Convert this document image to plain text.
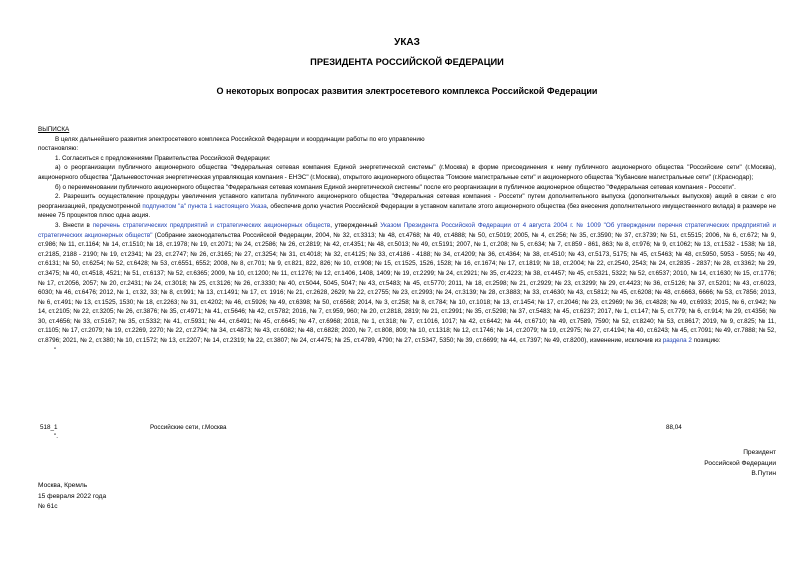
УКАЗ
ПРЕЗИДЕНТА РОССИЙСКОЙ ФЕДЕРАЦИИ
О некоторых вопросах развития электросетевого комплекса Российской Федерации

ВЫПИСКА

В целях дальнейшего развития электросетевого комплекса Российской Федерации и координации работы по его управлению

постановляю:

1. Согласиться с предложениями Правительства Российской Федерации:

а) о реорганизации публичного акционерного общества "Федеральная сетевая компания Единой энергетической системы" (г.Москва) в форме присоединения к нему публичного акционерного общества "Российские сети" (г.Москва), акционерного общества "Дальневосточная энергетическая управляющая компания - ЕНЭС" (г.Москва), открытого акционерного общества "Томские магистральные сети" и акционерного общества "Кубанские магистральные сети" (г.Краснодар);

б) о переименовании публичного акционерного общества "Федеральная сетевая компания Единой энергетической системы" после его реорганизации в публичное акционерное общество "Федеральная сетевая компания - Россети".

2. Разрешить осуществление процедуры увеличения уставного капитала публичного акционерного общества "Федеральная сетевая компания - Россети" путем дополнительного выпуска (дополнительных выпусков) акций в связи с его реорганизацией, предусмотренной подпунктом "а" пункта 1 настоящего Указа, обеспечив долю участия Российской Федерации в уставном капитале этого акционерного общества (без внесения дополнительного имущественного вклада) в размере не менее 75 процентов плюс одна акция.

3. Внести в перечень стратегических предприятий и стратегических акционерных обществ, утвержденный Указом Президента Российской Федерации от 4 августа 2004 г. № 1009 "Об утверждении перечня стратегических предприятий и стратегических акционерных обществ" (Собрание законодательства Российской Федерации, 2004, № 32, ст.3313; № 48, ст.4768; № 49, ст.4888; № 50, ст.5019; 2005, № 4, ст.256; № 35, ст.3590; № 37, ст.3739; № 51, ст.5515; 2006, № 6, ст.672; № 9, ст.986; № 11, ст.1164; № 14, ст.1510; № 18, ст.1978; № 19, ст.2071; № 24, ст.2586; № 26, ст.2819; № 42, ст.4351; № 48, ст.5013; № 49, ст.5191; 2007, № 1, ст.208; № 5, ст.634; № 7, ст.859 - 861, 863; № 8, ст.976; № 9, ст.1062; № 13, ст.1532 - 1538; № 18, ст.2185, 2188 - 2190; № 19, ст.2341; № 23, ст.2747; № 26, ст.3165; № 27, ст.3254; № 31, ст.4018; № 32, ст.4125; № 33, ст.4186 - 4188; № 34, ст.4209; № 36, ст.4364; № 38, ст.4510; № 43, ст.5173, 5175; № 45, ст.5463; № 48, ст.5950, 5953 - 5955; № 49, ст.6131; № 50, ст.6254; № 52, ст.6428; № 53, ст.6551, 6552; 2008, № 8, ст.701; № 9, ст.821, 822, 826; № 10, ст.908; № 15, ст.1525, 1526, 1528; № 16, ст.1674; № 17, ст.1819; № 18, ст.2004; № 22, ст.2540, 2543; № 24, ст.2835 - 2837; № 28, ст.3362; № 29, ст.3475; № 40, ст.4518, 4521; № 51, ст.6137; № 52, ст.6365; 2009, № 10, ст.1200; № 11, ст.1276; № 12, ст.1406, 1408, 1409; № 19, ст.2299; № 24, ст.2921; № 35, ст.4223; № 38, ст.4457; № 45, ст.5321, 5322; № 52, ст.6537; 2010, № 14, ст.1630; № 15, ст.1776; № 17, ст.2056, 2057; № 20, ст.2431; № 24, ст.3018; № 25, ст.3126; № 26, ст.3330; № 40, ст.5044, 5045, 5047; № 43, ст.5483; № 45, ст.5770; 2011, № 18, ст.2598; № 21, ст.2929; № 23, ст.3299; № 29, ст.4423; № 36, ст.5126; № 37, ст.5201; № 43, ст.6023, 6030; № 46, ст.6476; 2012, № 1, ст.32, 33; № 8, ст.991; № 13, ст.1491; № 17, ст. 1916; № 21, ст.2628, 2629; № 22, ст.2755; № 23, ст.2993; № 24, ст.3139; № 28, ст.3883; № 33, ст.4630; № 43, ст.5812; № 45, ст.6208; № 48, ст.6663, 6666; № 53, ст.7856; 2013, № 6, ст.491; № 13, ст.1525, 1530; № 18, ст.2263; № 31, ст.4202; № 46, ст.5926; № 49, ст.6398; № 50, ст.6568; 2014, № 3, ст.258; № 8, ст.784; № 10, ст.1018; № 13, ст.1454; № 17, ст.2046; № 23, ст.2969; № 36, ст.4828; № 49, ст.6933; 2015, № 6, ст.942; № 14, ст.2105; № 22, ст.3205; № 26, ст.3876; № 35, ст.4971; № 41, ст.5646; № 42, ст.5782; 2016, № 7, ст.959, 960; № 20, ст.2818, 2819; № 21, ст.2991; № 35, ст.5298; № 37, ст.5483; № 45, ст.6237; 2017, № 1, ст.147; № 5, ст.779; № 6, ст.914; № 29, ст.4356; № 30, ст.4656; № 33, ст.5167; № 35, ст.5332; № 41, ст.5931; № 44, ст.6491; № 45, ст.6645; № 47, ст.6968; 2018, № 1, ст.318; № 7, ст.1016, 1017; № 42, ст.6442; № 44, ст.6710; № 49, ст.7589, 7590; № 52, ст.8240; № 53, ст.8617; 2019, № 9, ст.825; № 11, ст.1105; № 17, ст.2079; № 19, ст.2269, 2270; № 22, ст.2794; № 34, ст.4873; № 43, ст.6082; № 48, ст.6828; 2020, № 7, ст.808, 809; № 10, ст.1318; № 12, ст.1746; № 14, ст.2079; № 19, ст.2975; № 27, ст.4194; № 40, ст.6243; № 45, ст.7091; № 49, ст.7888; № 52, ст.8796; 2021, № 2, ст.380; № 10, ст.1572; № 13, ст.2207; № 14, ст.2319; № 22, ст.3807; № 24, ст.4475; № 25, ст.4789, 4790; № 27, ст.5347, 5350; № 39, ст.6699; № 44, ст.7397; № 49, ст.8200), изменение, исключив из раздела 2 позицию:

"

518_1	Российские сети, г.Москва	88,04
".
Президент
Российской Федерации
В.Путин
Москва, Кремль
15 февраля 2022 года
№ 61с
